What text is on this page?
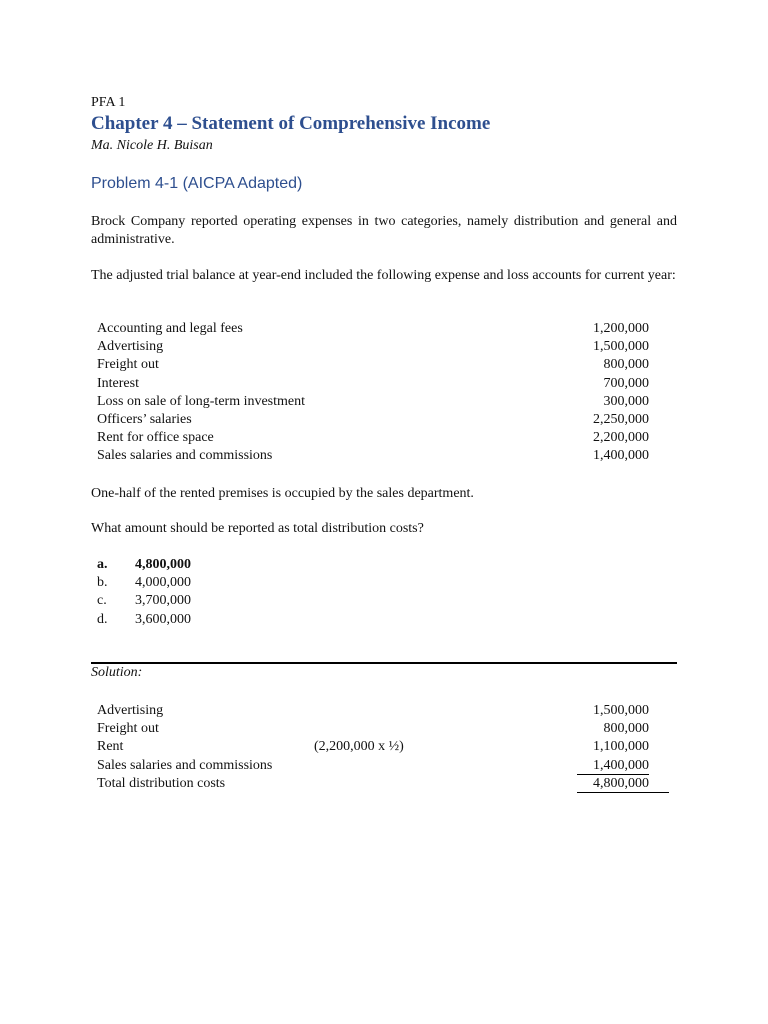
PFA 1
Chapter 4 – Statement of Comprehensive Income
Ma. Nicole H. Buisan
Problem 4-1 (AICPA Adapted)
Brock Company reported operating expenses in two categories, namely distribution and general and administrative.
The adjusted trial balance at year-end included the following expense and loss accounts for current year:
Accounting and legal fees	1,200,000
Advertising	1,500,000
Freight out	800,000
Interest	700,000
Loss on sale of long-term investment	300,000
Officers’ salaries	2,250,000
Rent for office space	2,200,000
Sales salaries and commissions	1,400,000
One-half of the rented premises is occupied by the sales department.
What amount should be reported as total distribution costs?
a. 4,800,000
b. 4,000,000
c. 3,700,000
d. 3,600,000
Solution:
Advertising	1,500,000
Freight out	800,000
Rent	(2,200,000 x ½)	1,100,000
Sales salaries and commissions	1,400,000
Total distribution costs	4,800,000
